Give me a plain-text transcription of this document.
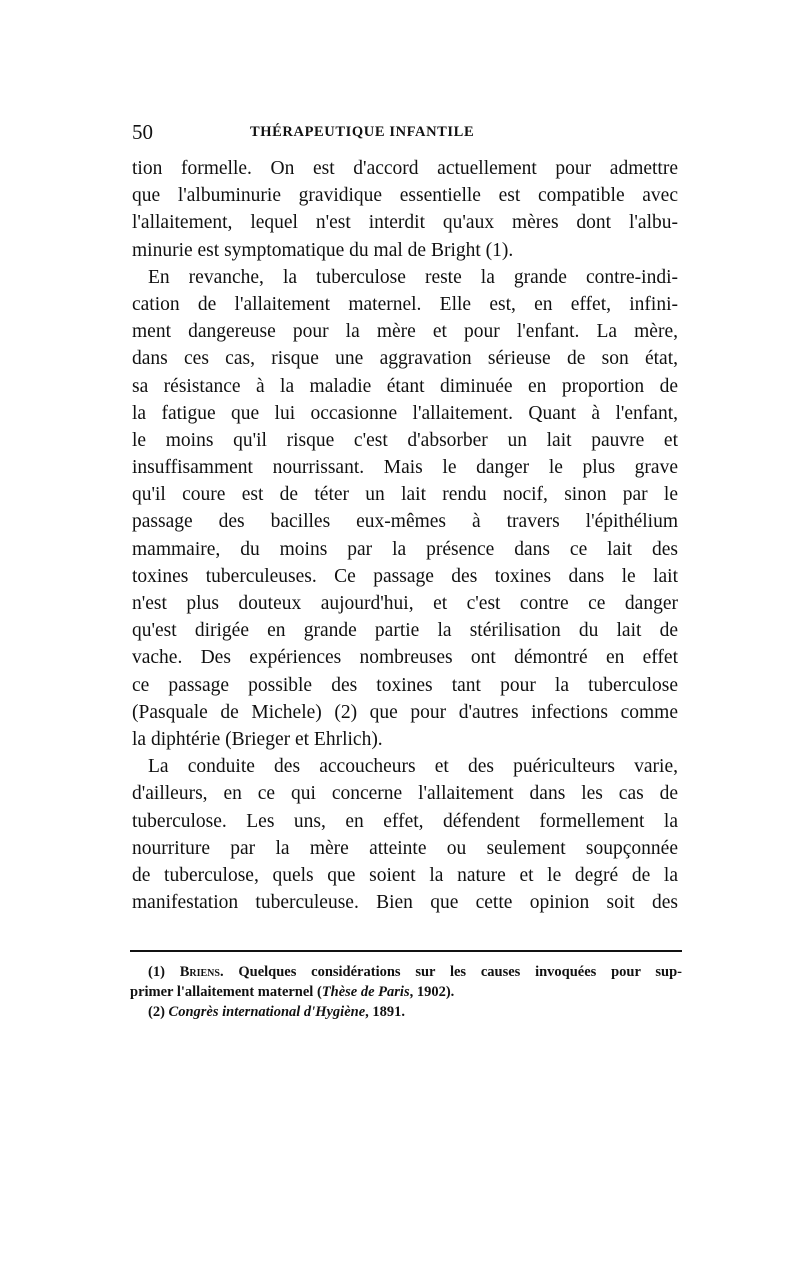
50	THÉRAPEUTIQUE INFANTILE
tion formelle. On est d'accord actuellement pour admettre
que l'albuminurie gravidique essentielle est compatible avec
l'allaitement, lequel n'est interdit qu'aux mères dont l'albu-
minurie est symptomatique du mal de Bright (1).
En revanche, la tuberculose reste la grande contre-indi-
cation de l'allaitement maternel. Elle est, en effet, infini-
ment dangereuse pour la mère et pour l'enfant. La mère,
dans ces cas, risque une aggravation sérieuse de son état,
sa résistance à la maladie étant diminuée en proportion de
la fatigue que lui occasionne l'allaitement. Quant à l'enfant,
le moins qu'il risque c'est d'absorber un lait pauvre et
insuffisamment nourrissant. Mais le danger le plus grave
qu'il coure est de téter un lait rendu nocif, sinon par le
passage des bacilles eux-mêmes à travers l'épithélium
mammaire, du moins par la présence dans ce lait des
toxines tuberculeuses. Ce passage des toxines dans le lait
n'est plus douteux aujourd'hui, et c'est contre ce danger
qu'est dirigée en grande partie la stérilisation du lait de
vache. Des expériences nombreuses ont démontré en effet
ce passage possible des toxines tant pour la tuberculose
(Pasquale de Michele) (2) que pour d'autres infections comme
la diphtérie (Brieger et Ehrlich).
La conduite des accoucheurs et des puériculteurs varie,
d'ailleurs, en ce qui concerne l'allaitement dans les cas de
tuberculose. Les uns, en effet, défendent formellement la
nourriture par la mère atteinte ou seulement soupçonnée
de tuberculose, quels que soient la nature et le degré de la
manifestation tuberculeuse. Bien que cette opinion soit des
(1) Briens. Quelques considérations sur les causes invoquées pour sup-
primer l'allaitement maternel (Thèse de Paris, 1902).
(2) Congrès international d'Hygiène, 1891.
